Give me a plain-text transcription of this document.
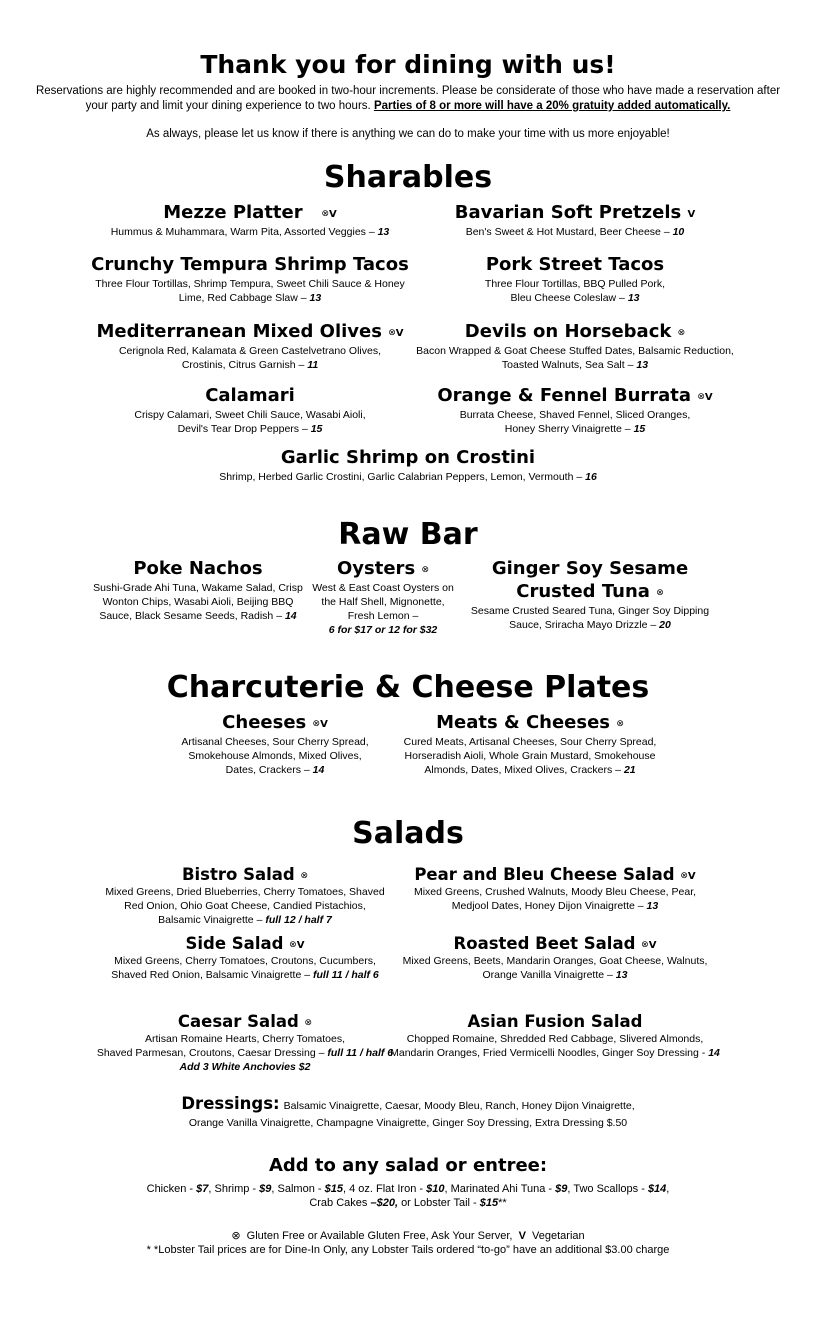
Thank you for dining with us!
Reservations are highly recommended and are booked in two-hour increments. Please be considerate of those who have made a reservation after
your party and limit your dining experience to two hours. Parties of 8 or more will have a 20% gratuity added automatically.
As always, please let us know if there is anything we can do to make your time with us more enjoyable!
Sharables
Mezze Platter ⊗V
Hummus & Muhammara, Warm Pita, Assorted Veggies – 13
Bavarian Soft Pretzels V
Ben's Sweet & Hot Mustard, Beer Cheese – 10
Crunchy Tempura Shrimp Tacos
Three Flour Tortillas, Shrimp Tempura, Sweet Chili Sauce & Honey
Lime, Red Cabbage Slaw – 13
Pork Street Tacos
Three Flour Tortillas, BBQ Pulled Pork,
Bleu Cheese Coleslaw – 13
Mediterranean Mixed Olives ⊗V
Cerignola Red, Kalamata & Green Castelvetrano Olives,
Crostinis, Citrus Garnish – 11
Devils on Horseback ⊗
Bacon Wrapped & Goat Cheese Stuffed Dates, Balsamic Reduction,
Toasted Walnuts, Sea Salt – 13
Calamari
Crispy Calamari, Sweet Chili Sauce, Wasabi Aioli,
Devil's Tear Drop Peppers – 15
Orange & Fennel Burrata ⊗V
Burrata Cheese, Shaved Fennel, Sliced Oranges,
Honey Sherry Vinaigrette – 15
Garlic Shrimp on Crostini
Shrimp, Herbed Garlic Crostini, Garlic Calabrian Peppers, Lemon, Vermouth – 16
Raw Bar
Poke Nachos
Sushi-Grade Ahi Tuna, Wakame Salad, Crisp
Wonton Chips, Wasabi Aioli, Beijing BBQ
Sauce, Black Sesame Seeds, Radish – 14
Oysters ⊗
West & East Coast Oysters on
the Half Shell, Mignonette,
Fresh Lemon –
6 for $17 or 12 for $32
Ginger Soy Sesame
Crusted Tuna ⊗
Sesame Crusted Seared Tuna, Ginger Soy Dipping
Sauce, Sriracha Mayo Drizzle – 20
Charcuterie & Cheese Plates
Cheeses ⊗V
Artisanal Cheeses, Sour Cherry Spread,
Smokehouse Almonds, Mixed Olives,
Dates, Crackers – 14
Meats & Cheeses ⊗
Cured Meats, Artisanal Cheeses, Sour Cherry Spread,
Horseradish Aioli, Whole Grain Mustard, Smokehouse
Almonds, Dates, Mixed Olives, Crackers – 21
Salads
Bistro Salad ⊗
Mixed Greens, Dried Blueberries, Cherry Tomatoes, Shaved
Red Onion, Ohio Goat Cheese, Candied Pistachios,
Balsamic Vinaigrette – full 12 / half 7
Pear and Bleu Cheese Salad ⊗V
Mixed Greens, Crushed Walnuts, Moody Bleu Cheese, Pear,
Medjool Dates, Honey Dijon Vinaigrette – 13
Side Salad ⊗V
Mixed Greens, Cherry Tomatoes, Croutons, Cucumbers,
Shaved Red Onion, Balsamic Vinaigrette – full 11 / half 6
Roasted Beet Salad ⊗V
Mixed Greens, Beets, Mandarin Oranges, Goat Cheese, Walnuts,
Orange Vanilla Vinaigrette – 13
Caesar Salad ⊗
Artisan Romaine Hearts, Cherry Tomatoes,
Shaved Parmesan, Croutons, Caesar Dressing – full 11 / half 6
Add 3 White Anchovies $2
Asian Fusion Salad
Chopped Romaine, Shredded Red Cabbage, Slivered Almonds,
Mandarin Oranges, Fried Vermicelli Noodles, Ginger Soy Dressing - 14
Dressings: Balsamic Vinaigrette, Caesar, Moody Bleu, Ranch, Honey Dijon Vinaigrette,
Orange Vanilla Vinaigrette, Champagne Vinaigrette, Ginger Soy Dressing, Extra Dressing $.50
Add to any salad or entree:
Chicken - $7, Shrimp - $9, Salmon - $15, 4 oz. Flat Iron - $10, Marinated Ahi Tuna - $9, Two Scallops - $14,
Crab Cakes –$20, or Lobster Tail - $15**
⊗ Gluten Free or Available Gluten Free, Ask Your Server, V Vegetarian
* *Lobster Tail prices are for Dine-In Only, any Lobster Tails ordered “to-go” have an additional $3.00 charge
